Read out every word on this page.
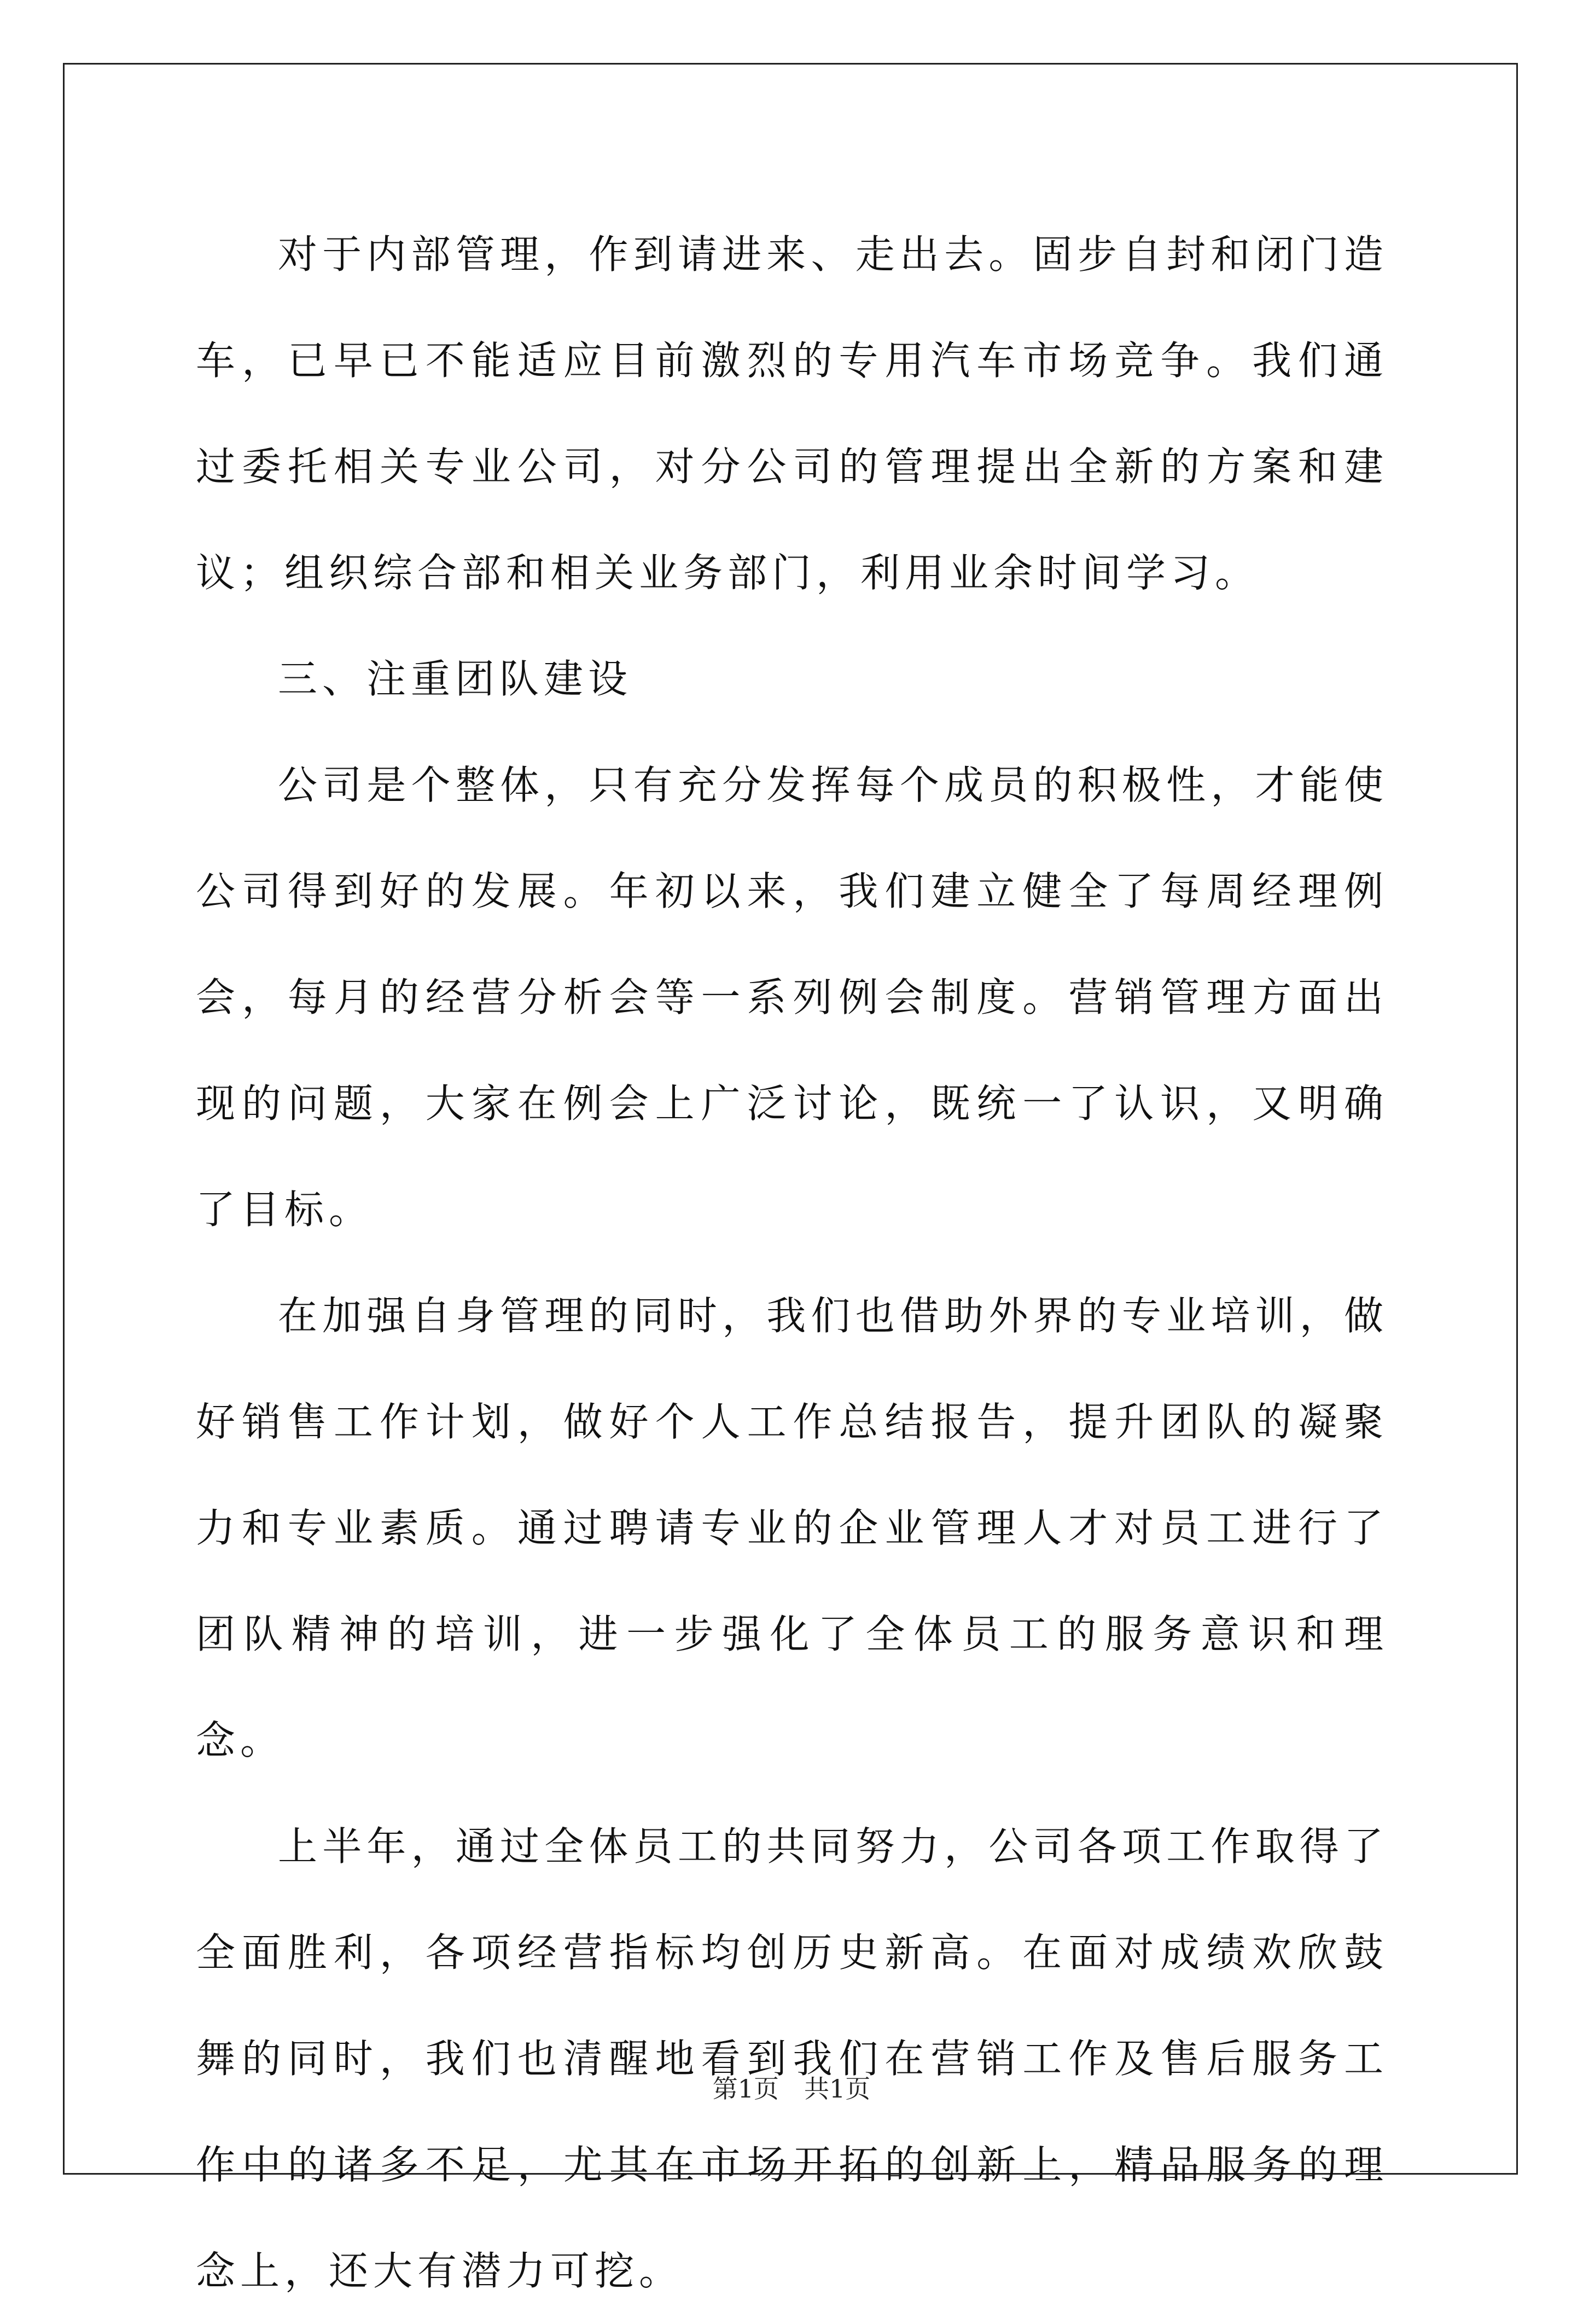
对于内部管理，作到请进来、走出去。固步自封和闭门造车，已早已不能适应目前激烈的专用汽车市场竞争。我们通过委托相关专业公司，对分公司的管理提出全新的方案和建议；组织综合部和相关业务部门，利用业余时间学习。

三、注重团队建设

公司是个整体，只有充分发挥每个成员的积极性，才能使公司得到好的发展。年初以来，我们建立健全了每周经理例会，每月的经营分析会等一系列例会制度。营销管理方面出现的问题，大家在例会上广泛讨论，既统一了认识，又明确了目标。

在加强自身管理的同时，我们也借助外界的专业培训，做好销售工作计划，做好个人工作总结报告，提升团队的凝聚力和专业素质。通过聘请专业的企业管理人才对员工进行了团队精神的培训，进一步强化了全体员工的服务意识和理念。

上半年，通过全体员工的共同努力，公司各项工作取得了全面胜利，各项经营指标均创历史新高。在面对成绩欢欣鼓舞的同时，我们也清醒地看到我们在营销工作及售后服务工作中的诸多不足，尤其在市场开拓的创新上，精品服务的理念上，还大有潜力可挖。

第1页　共1页
